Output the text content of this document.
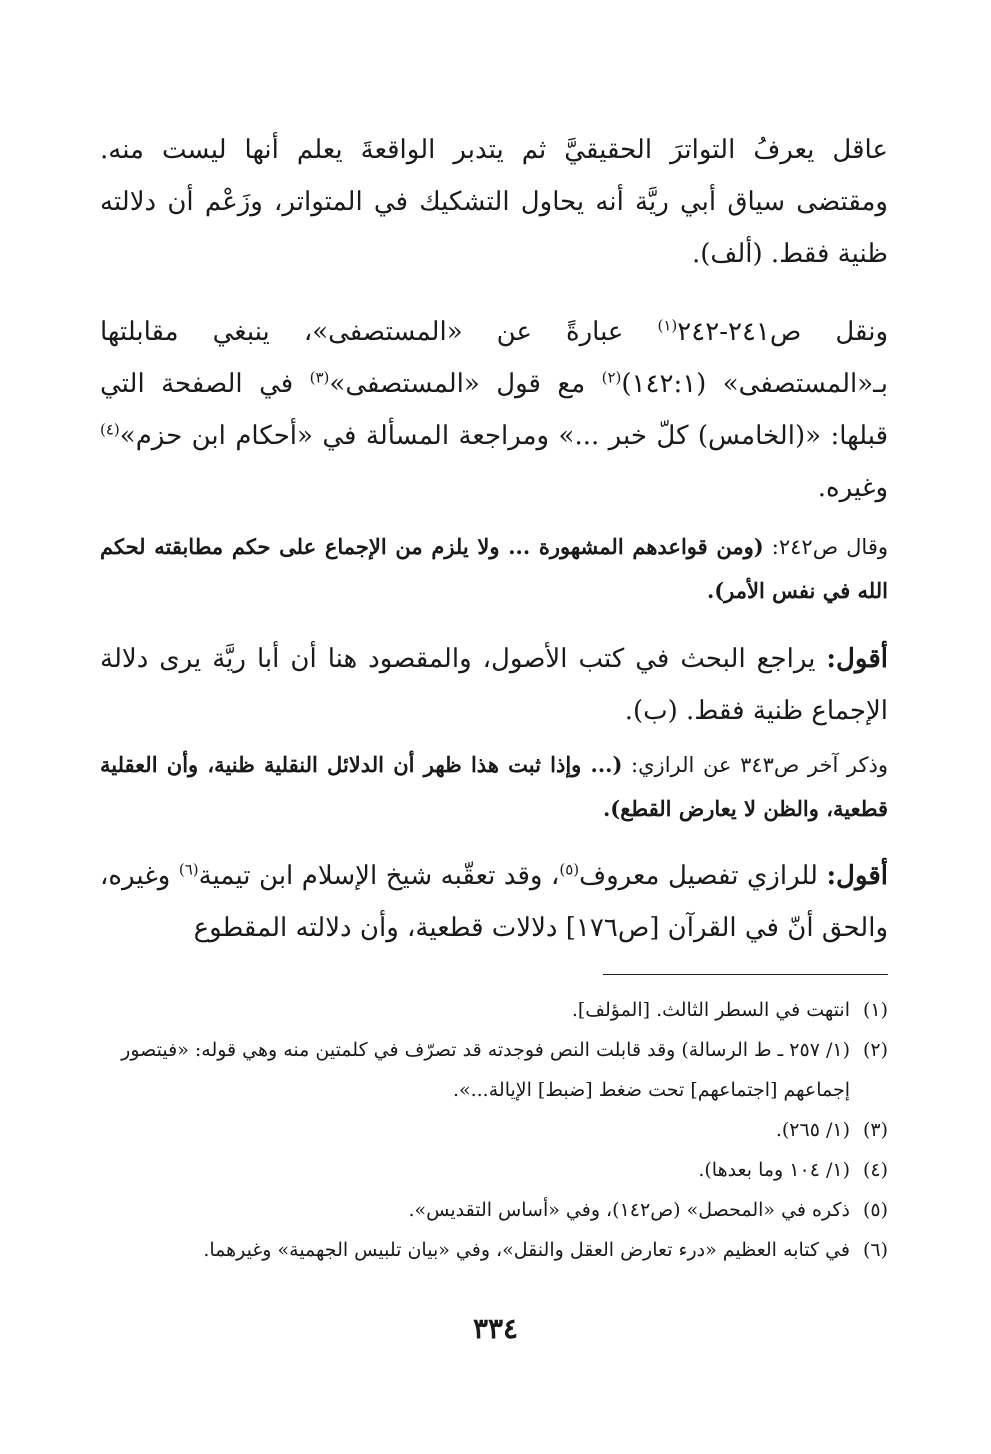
عاقل يعرفُ التواترَ الحقيقيَّ ثم يتدبر الواقعةَ يعلم أنها ليست منه. ومقتضى سياق أبي ريَّة أنه يحاول التشكيك في المتواتر، وزَعْم أن دلالته ظنية فقط. (ألف).

ونقل ص٢٤١-٢٤٢$^{(١)}$ عبارةً عن «المستصفى»، ينبغي مقابلتها بـ«المستصفى» (١٤٢:١)$^{(٢)}$ مع قول «المستصفى»$^{(٣)}$ في الصفحة التي قبلها: «(الخامس) كلّ خبر ...» ومراجعة المسألة في «أحكام ابن حزم»$^{(٤)}$ وغيره.

وقال ص٢٤٢: (ومن قواعدهم المشهورة ... ولا يلزم من الإجماع على حكم مطابقته لحكم الله في نفس الأمر).

أقول: يراجع البحث في كتب الأصول، والمقصود هنا أن أبا ريَّة يرى دلالة الإجماع ظنية فقط. (ب).

وذكر آخر ص٣٤٣ عن الرازي: (... وإذا ثبت هذا ظهر أن الدلائل النقلية ظنية، وأن العقلية قطعية، والظن لا يعارض القطع).

أقول: للرازي تفصيل معروف$^{(٥)}$، وقد تعقّبه شيخ الإسلام ابن تيمية$^{(٦)}$ وغيره، والحق أنّ في القرآن [ص١٧٦] دلالات قطعية، وأن دلالته المقطوع

(١)
انتهت في السطر الثالث. [المؤلف].
(٢)
(١/ ٢٥٧ ـ ط الرسالة) وقد قابلت النص فوجدته قد تصرّف في كلمتين منه وهي قوله: «فيتصور إجماعهم [اجتماعهم] تحت ضغط [ضبط] الإيالة...».
(٣)
(١/ ٢٦٥).
(٤)
(١/ ١٠٤ وما بعدها).
(٥)
ذكره في «المحصل» (ص١٤٢)، وفي «أساس التقديس».
(٦)
في كتابه العظيم «درء تعارض العقل والنقل»، وفي «بيان تلبيس الجهمية» وغيرهما.
٣٣٤
